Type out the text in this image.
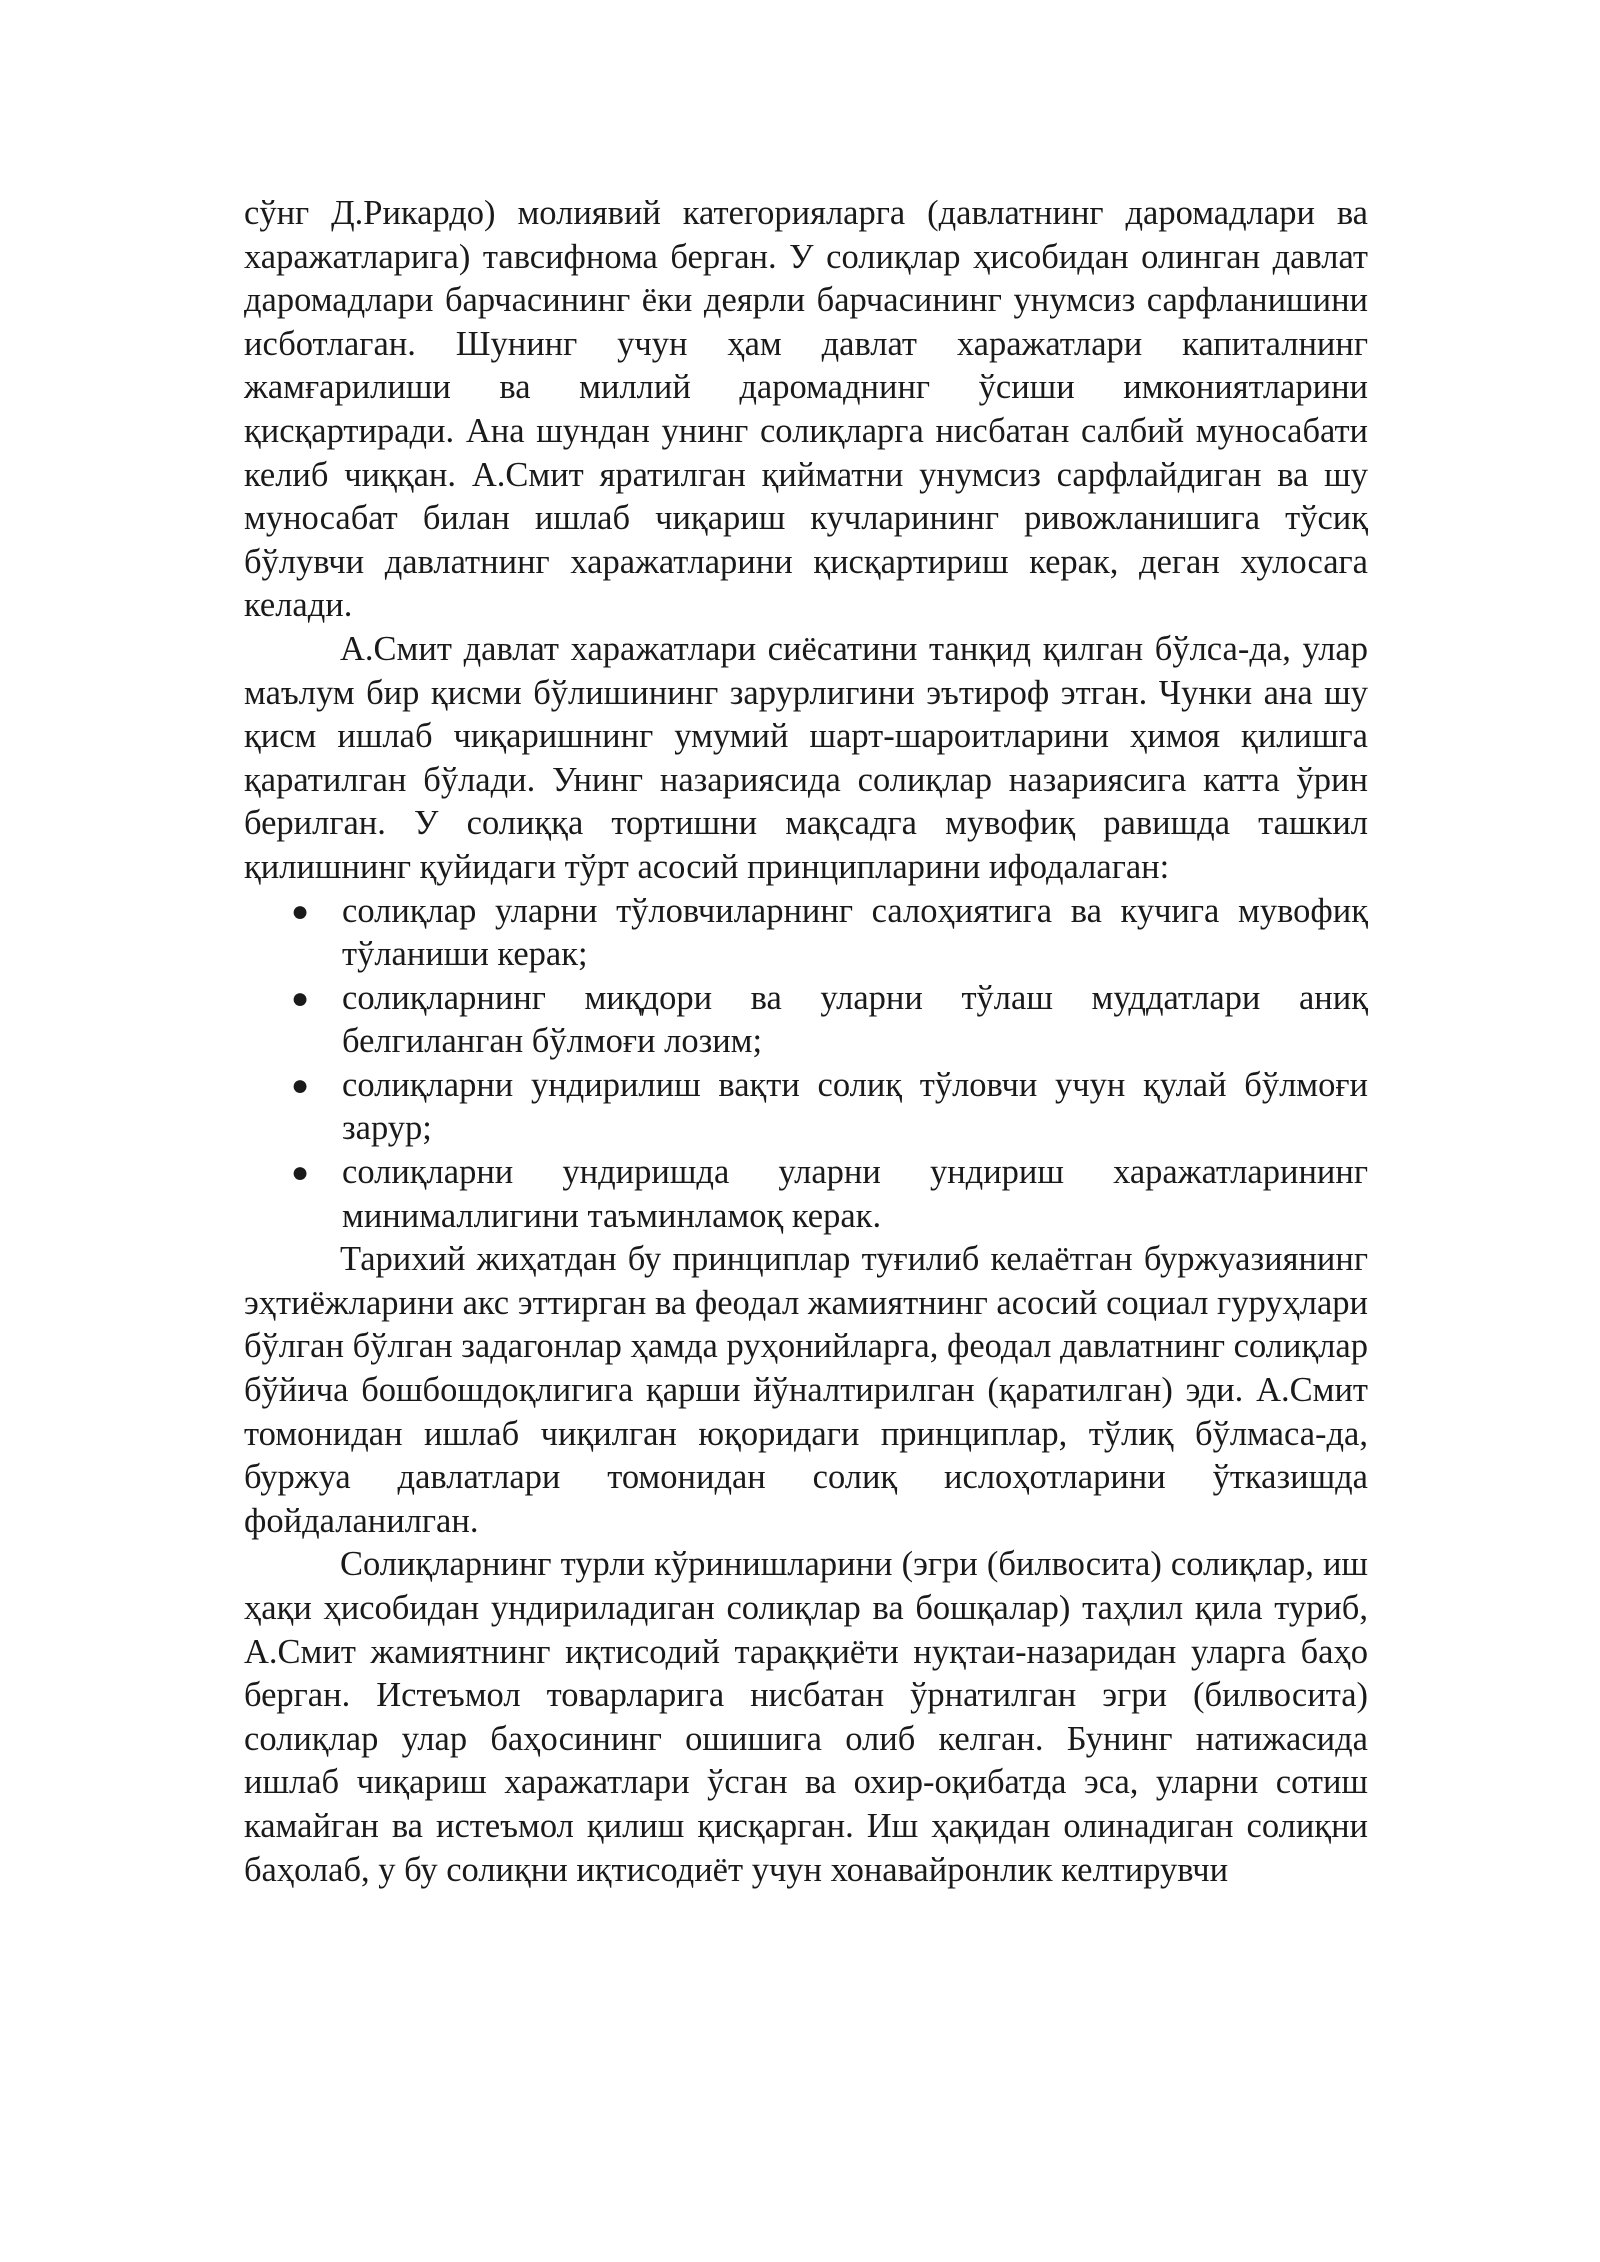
сўнг Д.Рикардо) молиявий категорияларга (давлатнинг даромадлари ва харажатларига) тавсифнома берган. У солиқлар ҳисобидан олинган давлат даромадлари барчасининг ёки деярли барчасининг унумсиз сарфланишини исботлаган. Шунинг учун ҳам давлат харажатлари капиталнинг жамғарилиши ва миллий даромаднинг ўсиши имкониятларини қисқартиради. Ана шундан унинг солиқларга нисбатан салбий муносабати келиб чиққан. А.Смит яратилган қийматни унумсиз сарфлайдиган ва шу муносабат билан ишлаб чиқариш кучларининг ривожланишига тўсиқ бўлувчи давлатнинг харажатларини қисқартириш керак, деган хулосага келади.

А.Смит давлат харажатлари сиёсатини танқид қилган бўлса-да, улар маълум бир қисми бўлишининг зарурлигини эътироф этган. Чунки ана шу қисм ишлаб чиқаришнинг умумий шарт-шароитларини ҳимоя қилишга қаратилган бўлади. Унинг назариясида солиқлар назариясига катта ўрин берилган. У солиққа тортишни мақсадга мувофиқ равишда ташкил қилишнинг қуйидаги тўрт асосий принципларини ифодалаган:

● солиқлар уларни тўловчиларнинг салоҳиятига ва кучига мувофиқ тўланиши керак;
● солиқларнинг миқдори ва уларни тўлаш муддатлари аниқ белгиланган бўлмоғи лозим;
● солиқларни ундирилиш вақти солиқ тўловчи учун қулай бўлмоғи зарур;
● солиқларни ундиришда уларни ундириш харажатларининг минималлигини таъминламоқ керак.

Тарихий жиҳатдан бу принциплар туғилиб келаётган буржуазиянинг эҳтиёжларини акс эттирган ва феодал жамиятнинг асосий социал гуруҳлари бўлган бўлган задагонлар ҳамда руҳонийларга, феодал давлатнинг солиқлар бўйича бошбошдоқлигига қарши йўналтирилган (қаратилган) эди. А.Смит томонидан ишлаб чиқилган юқоридаги принциплар, тўлиқ бўлмаса-да, буржуа давлатлари томонидан солиқ ислоҳотларини ўтказишда фойдаланилган.

Солиқларнинг турли кўринишларини (эгри (билвосита) солиқлар, иш ҳақи ҳисобидан ундириладиган солиқлар ва бошқалар) таҳлил қила туриб, А.Смит жамиятнинг иқтисодий тараққиёти нуқтаи-назаридан уларга баҳо берган. Истеъмол товарларига нисбатан ўрнатилган эгри (билвосита) солиқлар улар баҳосининг ошишига олиб келган. Бунинг натижасида ишлаб чиқариш харажатлари ўсган ва охир-оқибатда эса, уларни сотиш камайган ва истеъмол қилиш қисқарган. Иш ҳақидан олинадиган солиқни баҳолаб, у бу солиқни иқтисодиёт учун хонавайронлик келтирувчи
